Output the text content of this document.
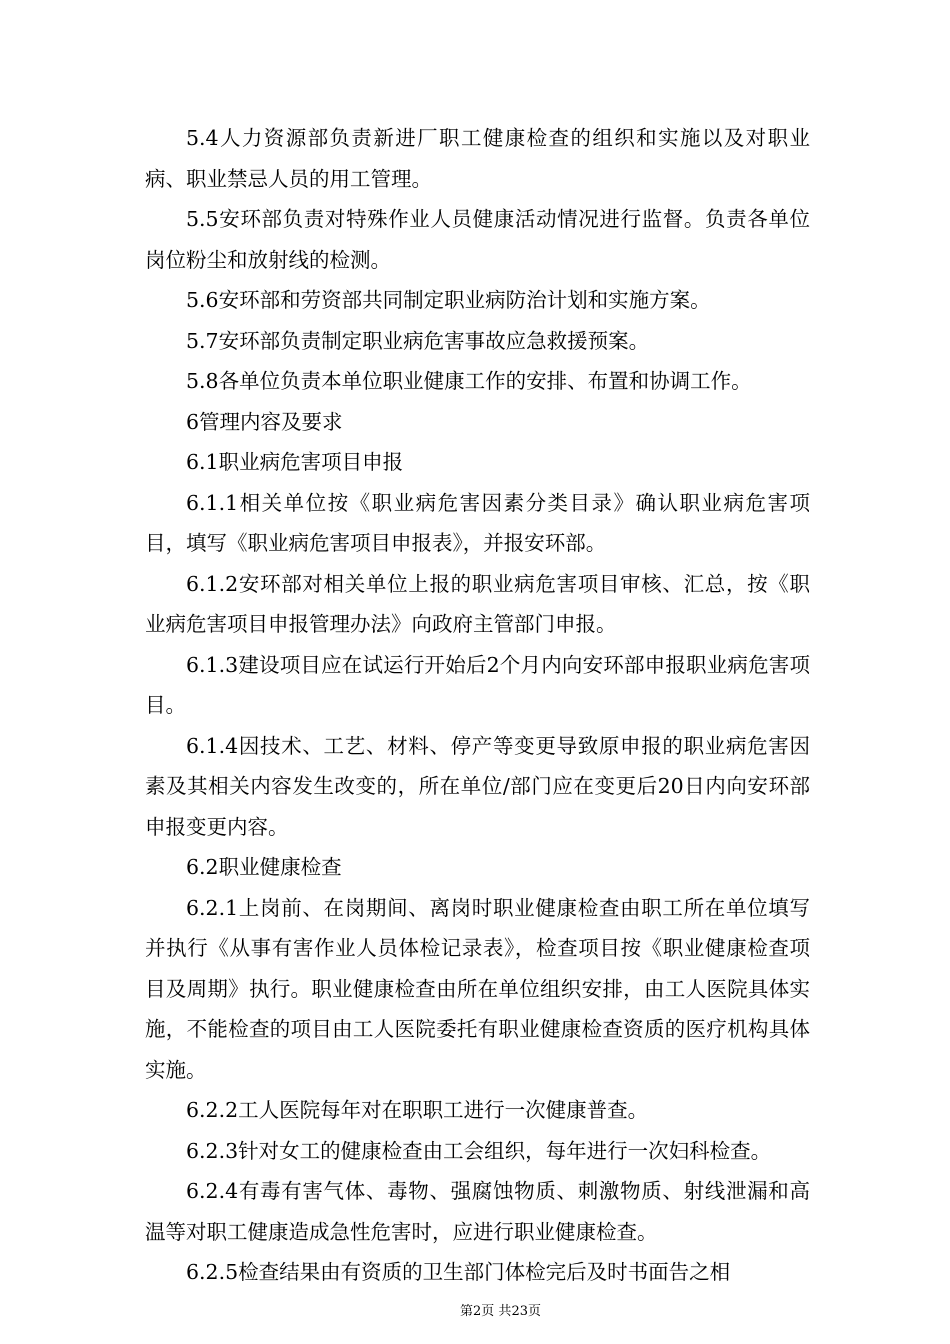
5.4人力资源部负责新进厂职工健康检查的组织和实施以及对职业病、职业禁忌人员的用工管理。

5.5安环部负责对特殊作业人员健康活动情况进行监督。负责各单位岗位粉尘和放射线的检测。

5.6安环部和劳资部共同制定职业病防治计划和实施方案。

5.7安环部负责制定职业病危害事故应急救援预案。

5.8各单位负责本单位职业健康工作的安排、布置和协调工作。

6管理内容及要求

6.1职业病危害项目申报

6.1.1相关单位按《职业病危害因素分类目录》确认职业病危害项目，填写《职业病危害项目申报表》，并报安环部。

6.1.2安环部对相关单位上报的职业病危害项目审核、汇总，按《职业病危害项目申报管理办法》向政府主管部门申报。

6.1.3建设项目应在试运行开始后2个月内向安环部申报职业病危害项目。

6.1.4因技术、工艺、材料、停产等变更导致原申报的职业病危害因素及其相关内容发生改变的，所在单位/部门应在变更后20日内向安环部申报变更内容。

6.2职业健康检查

6.2.1上岗前、在岗期间、离岗时职业健康检查由职工所在单位填写并执行《从事有害作业人员体检记录表》，检查项目按《职业健康检查项目及周期》执行。职业健康检查由所在单位组织安排，由工人医院具体实施，不能检查的项目由工人医院委托有职业健康检查资质的医疗机构具体实施。

6.2.2工人医院每年对在职职工进行一次健康普查。

6.2.3针对女工的健康检查由工会组织，每年进行一次妇科检查。

6.2.4有毒有害气体、毒物、强腐蚀物质、刺激物质、射线泄漏和高温等对职工健康造成急性危害时，应进行职业健康检查。

6.2.5检查结果由有资质的卫生部门体检完后及时书面告之相

第2页 共23页
